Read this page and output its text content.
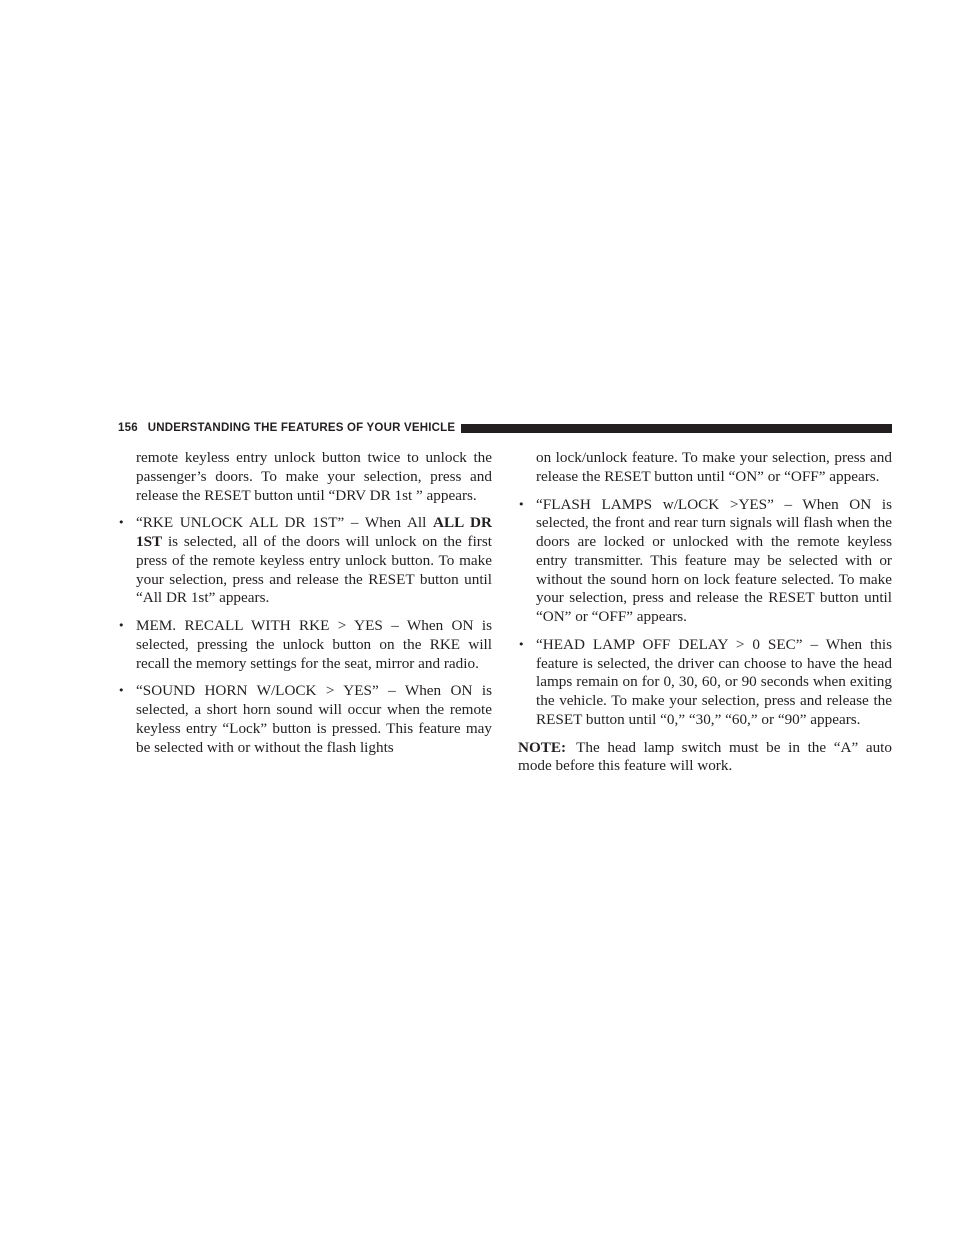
156 UNDERSTANDING THE FEATURES OF YOUR VEHICLE

remote keyless entry unlock button twice to unlock the passenger’s doors. To make your selection, press and release the RESET button until “DRV DR 1st ” appears.

• “RKE UNLOCK ALL DR 1ST” – When All ALL DR 1ST is selected, all of the doors will unlock on the first press of the remote keyless entry unlock button. To make your selection, press and release the RESET button until “All DR 1st” appears.

• MEM. RECALL WITH RKE > YES – When ON is selected, pressing the unlock button on the RKE will recall the memory settings for the seat, mirror and radio.

• “SOUND HORN W/LOCK > YES” – When ON is selected, a short horn sound will occur when the remote keyless entry “Lock” button is pressed. This feature may be selected with or without the flash lights

on lock/unlock feature. To make your selection, press and release the RESET button until “ON” or “OFF” appears.

• “FLASH LAMPS w/LOCK >YES” – When ON is selected, the front and rear turn signals will flash when the doors are locked or unlocked with the remote keyless entry transmitter. This feature may be selected with or without the sound horn on lock feature selected. To make your selection, press and release the RESET button until “ON” or “OFF” appears.

• “HEAD LAMP OFF DELAY > 0 SEC” – When this feature is selected, the driver can choose to have the head lamps remain on for 0, 30, 60, or 90 seconds when exiting the vehicle. To make your selection, press and release the RESET button until “0,” “30,” “60,” or “90” appears.

NOTE: The head lamp switch must be in the “A” auto mode before this feature will work.
